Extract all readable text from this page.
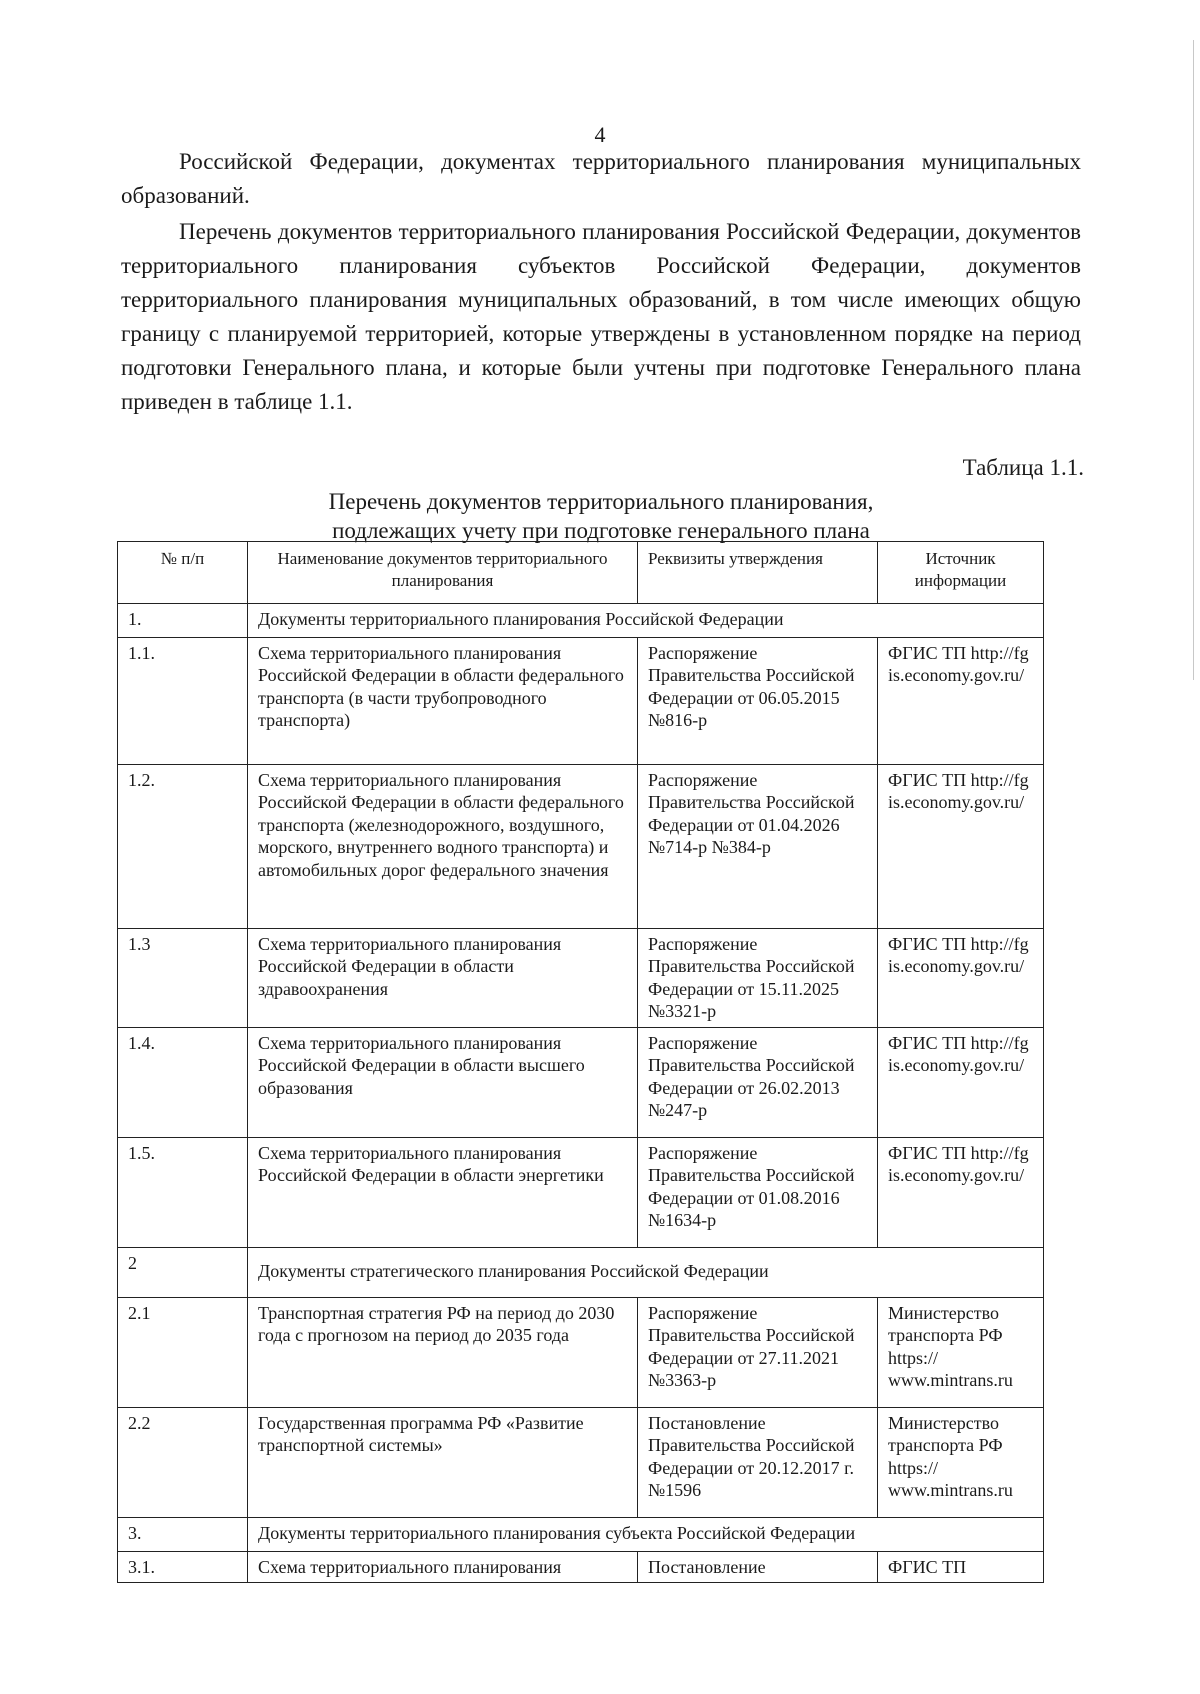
4

Российской Федерации, документах территориального планирования муниципальных образований.

Перечень документов территориального планирования Российской Федерации, документов территориального планирования субъектов Российской Федерации, документов территориального планирования муниципальных образований, в том числе имеющих общую границу с планируемой территорией, которые утверждены в установленном порядке на период подготовки Генерального плана, и которые были учтены при подготовке Генерального плана приведен в таблице 1.1.

Таблица 1.1.
Перечень документов территориального планирования,
подлежащих учету при подготовке генерального плана
№ п/п	Наименование документов территориального планирования	Реквизиты утверждения	Источник информации
1.	Документы территориального планирования Российской Федерации		
1.1.	Схема территориального планирования Российской Федерации в области федерального транспорта (в части трубопроводного транспорта)	Распоряжение Правительства Российской Федерации от 06.05.2015 №816-р	ФГИС ТП http://fgis.economy.gov.ru/
1.2.	Схема территориального планирования Российской Федерации в области федерального транспорта (железнодорожного, воздушного, морского, внутреннего водного транспорта) и автомобильных дорог федерального значения	Распоряжение Правительства Российской Федерации от 01.04.2026 №714-р №384-р	ФГИС ТП http://fgis.economy.gov.ru/
1.3	Схема территориального планирования Российской Федерации в области здравоохранения	Распоряжение Правительства Российской Федерации от 15.11.2025 №3321-р	ФГИС ТП http://fgis.economy.gov.ru/
1.4.	Схема территориального планирования Российской Федерации в области высшего образования	Распоряжение Правительства Российской Федерации от 26.02.2013 №247-р	ФГИС ТП http://fgis.economy.gov.ru/
1.5.	Схема территориального планирования Российской Федерации в области энергетики	Распоряжение Правительства Российской Федерации от 01.08.2016 №1634-р	ФГИС ТП http://fgis.economy.gov.ru/
2	Документы стратегического планирования Российской Федерации		
2.1	Транспортная стратегия РФ на период до 2030 года с прогнозом на период до 2035 года	Распоряжение Правительства Российской Федерации от 27.11.2021 №3363-р	Министерство транспорта РФ https:// www.mintrans.ru
2.2	Государственная программа РФ «Развитие транспортной системы»	Постановление Правительства Российской Федерации от 20.12.2017 г. №1596	Министерство транспорта РФ https:// www.mintrans.ru
3.	Документы территориального планирования субъекта Российской Федерации		
3.1.	Схема территориального планирования	Постановление	ФГИС ТП
